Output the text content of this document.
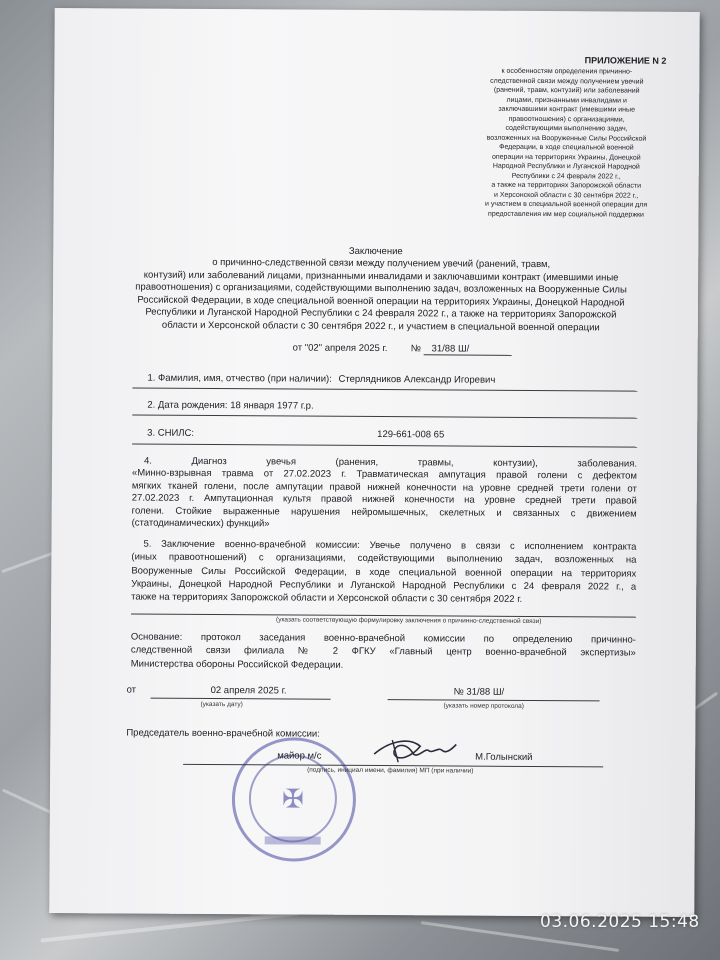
ПРИЛОЖЕНИЕ N 2
к особенностям определения причинно-
следственной связи между получением увечий
(ранений, травм, контузий) или заболеваний
лицами, признанными инвалидами и
заключавшими контракт (имевшими иные
правоотношения) с организациями,
содействующими выполнению задач,
возложенных на Вооруженные Силы Российской
Федерации, в ходе специальной военной
операции на территориях Украины, Донецкой
Народной Республики и Луганской Народной
Республики с 24 февраля 2022 г.,
а также на территориях Запорожской области
и Херсонской области с 30 сентября 2022 г.,
и участием в специальной военной операции для
предоставления им мер социальной поддержки
Заключение
о причинно-следственной связи между получением увечий (ранений, травм,
контузий) или заболеваний лицами, признанными инвалидами и заключавшими контракт (имевшими иные
правоотношения) с организациями, содействующими выполнению задач, возложенных на Вооруженные Силы
Российской Федерации, в ходе специальной военной операции на территориях Украины, Донецкой Народной
Республики и Луганской Народной Республики с 24 февраля 2022 г., а также на территориях Запорожской
области и Херсонской области с 30 сентября 2022 г., и участием в специальной военной операции
от "02" апреля 2025 г. № 31/88 Ш/
1. Фамилия, имя, отчество (при наличии): Стерлядников Александр Игоревич
2. Дата рождения: 18 января 1977 г.р.
3. СНИЛС:	129-661-008 65
4. Диагноз увечья (ранения, травмы, контузии), заболевания.
«Минно-взрывная травма от 27.02.2023 г. Травматическая ампутация правой голени с дефектом
мягких тканей голени, после ампутации правой нижней конечности на уровне средней трети голени от
27.02.2023 г. Ампутационная культя правой нижней конечности на уровне средней трети правой
голени. Стойкие выраженные нарушения нейромышечных, скелетных и связанных с движением
(статодинамических) функций»
5. Заключение военно-врачебной комиссии: Увечье получено в связи с исполнением контракта
(иных правоотношений) с организациями, содействующими выполнению задач, возложенных на
Вооруженные Силы Российской Федерации, в ходе специальной военной операции на территориях
Украины, Донецкой Народной Республики и Луганской Народной Республики с 24 февраля 2022 г., а
также на территориях Запорожской области и Херсонской области с 30 сентября 2022 г.
(указать соответствующую формулировку заключения о причинно-следственной связи)
Основание: протокол заседания военно-врачебной комиссии по определению причинно-
следственной связи филиала № 2 ФГКУ «Главный центр военно-врачебной экспертизы»
Министерства обороны Российской Федерации.
от	02 апреля 2025 г.
(указать дату)
№ 31/88 Ш/
(указать номер протокола)
Председатель военно-врачебной комиссии:
✠
майор м/с	М.Голынский
(подпись, инициал имени, фамилия) МП (при наличии)
03.06.2025 15:48
